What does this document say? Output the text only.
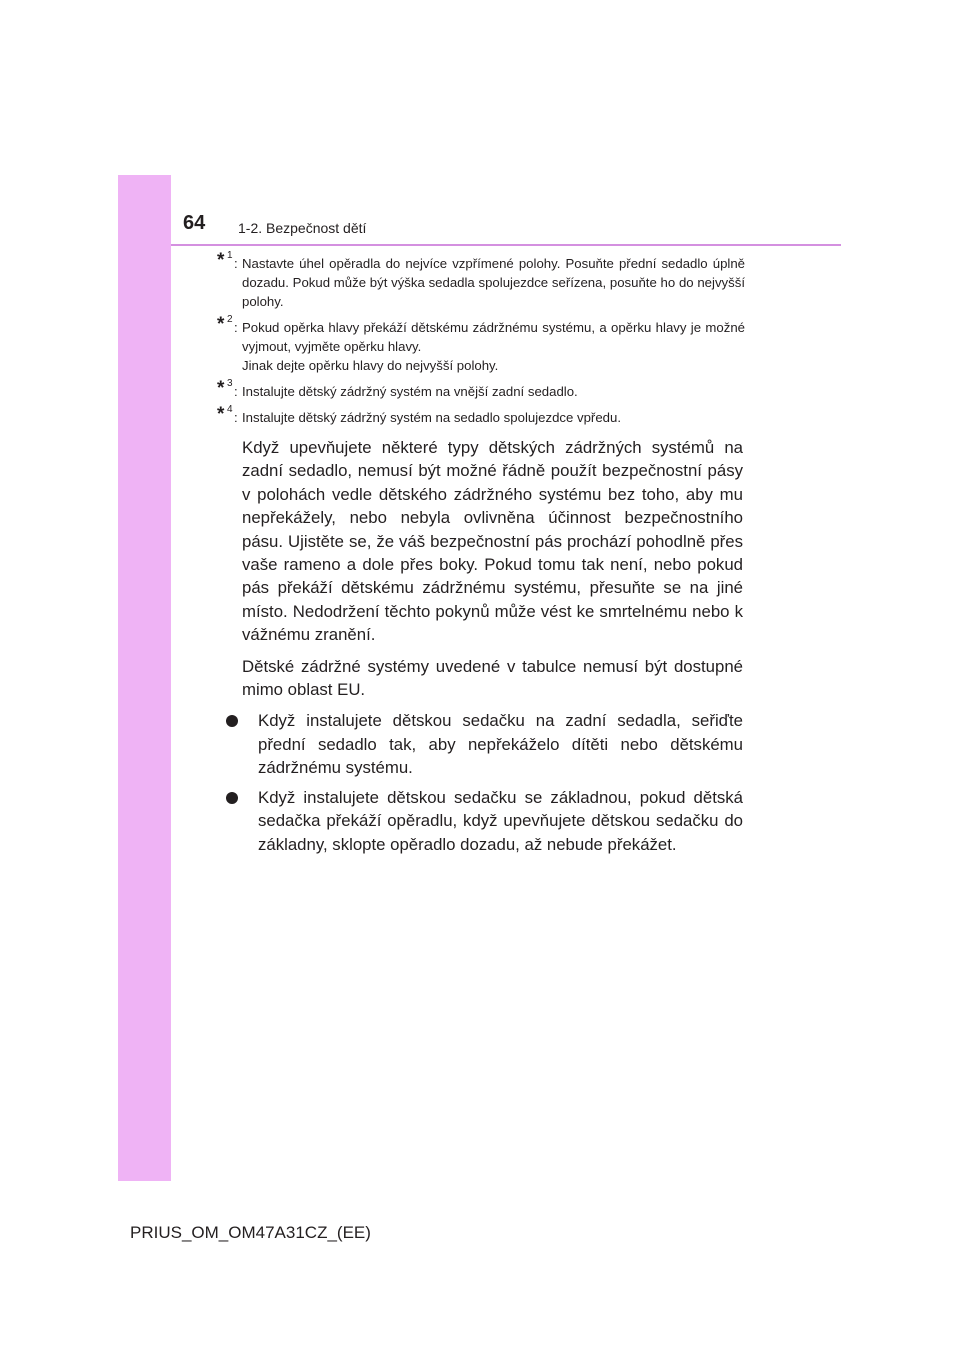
64 1-2. Bezpečnost dětí
* 1
: Nastavte úhel opěradla do nejvíce vzpřímené polohy. Posuňte přední sedadlo úplně dozadu. Pokud může být výška sedadla spolujezdce seřízena, posuňte ho do nejvyšší polohy.

* 2
: Pokud opěrka hlavy překáží dětskému zádržnému systému, a opěrku hlavy je možné vyjmout, vyjměte opěrku hlavy.

Jinak dejte opěrku hlavy do nejvyšší polohy.

* 3
: Instalujte dětský zádržný systém na vnější zadní sedadlo.

* 4
: Instalujte dětský zádržný systém na sedadlo spolujezdce vpředu.

Když upevňujete některé typy dětských zádržných systémů na zadní sedadlo, nemusí být možné řádně použít bezpečnostní pásy v polohách vedle dětského zádržného systému bez toho, aby mu nepřekážely, nebo nebyla ovlivněna účinnost bezpečnostního pásu. Ujistěte se, že váš bezpečnostní pás prochází pohodlně přes vaše rameno a dole přes boky. Pokud tomu tak není, nebo pokud pás překáží dětskému zádržnému systému, přesuňte se na jiné místo. Nedodržení těchto pokynů může vést ke smrtelnému nebo k vážnému zranění.

Dětské zádržné systémy uvedené v tabulce nemusí být dostupné mimo oblast EU.

Když instalujete dětskou sedačku na zadní sedadla, seřiďte přední sedadlo tak, aby nepřekáželo dítěti nebo dětskému zádržnému systému.
Když instalujete dětskou sedačku se základnou, pokud dětská sedačka překáží opěradlu, když upevňujete dětskou sedačku do základny, sklopte opěradlo dozadu, až nebude překážet.
PRIUS_OM_OM47A31CZ_(EE)
